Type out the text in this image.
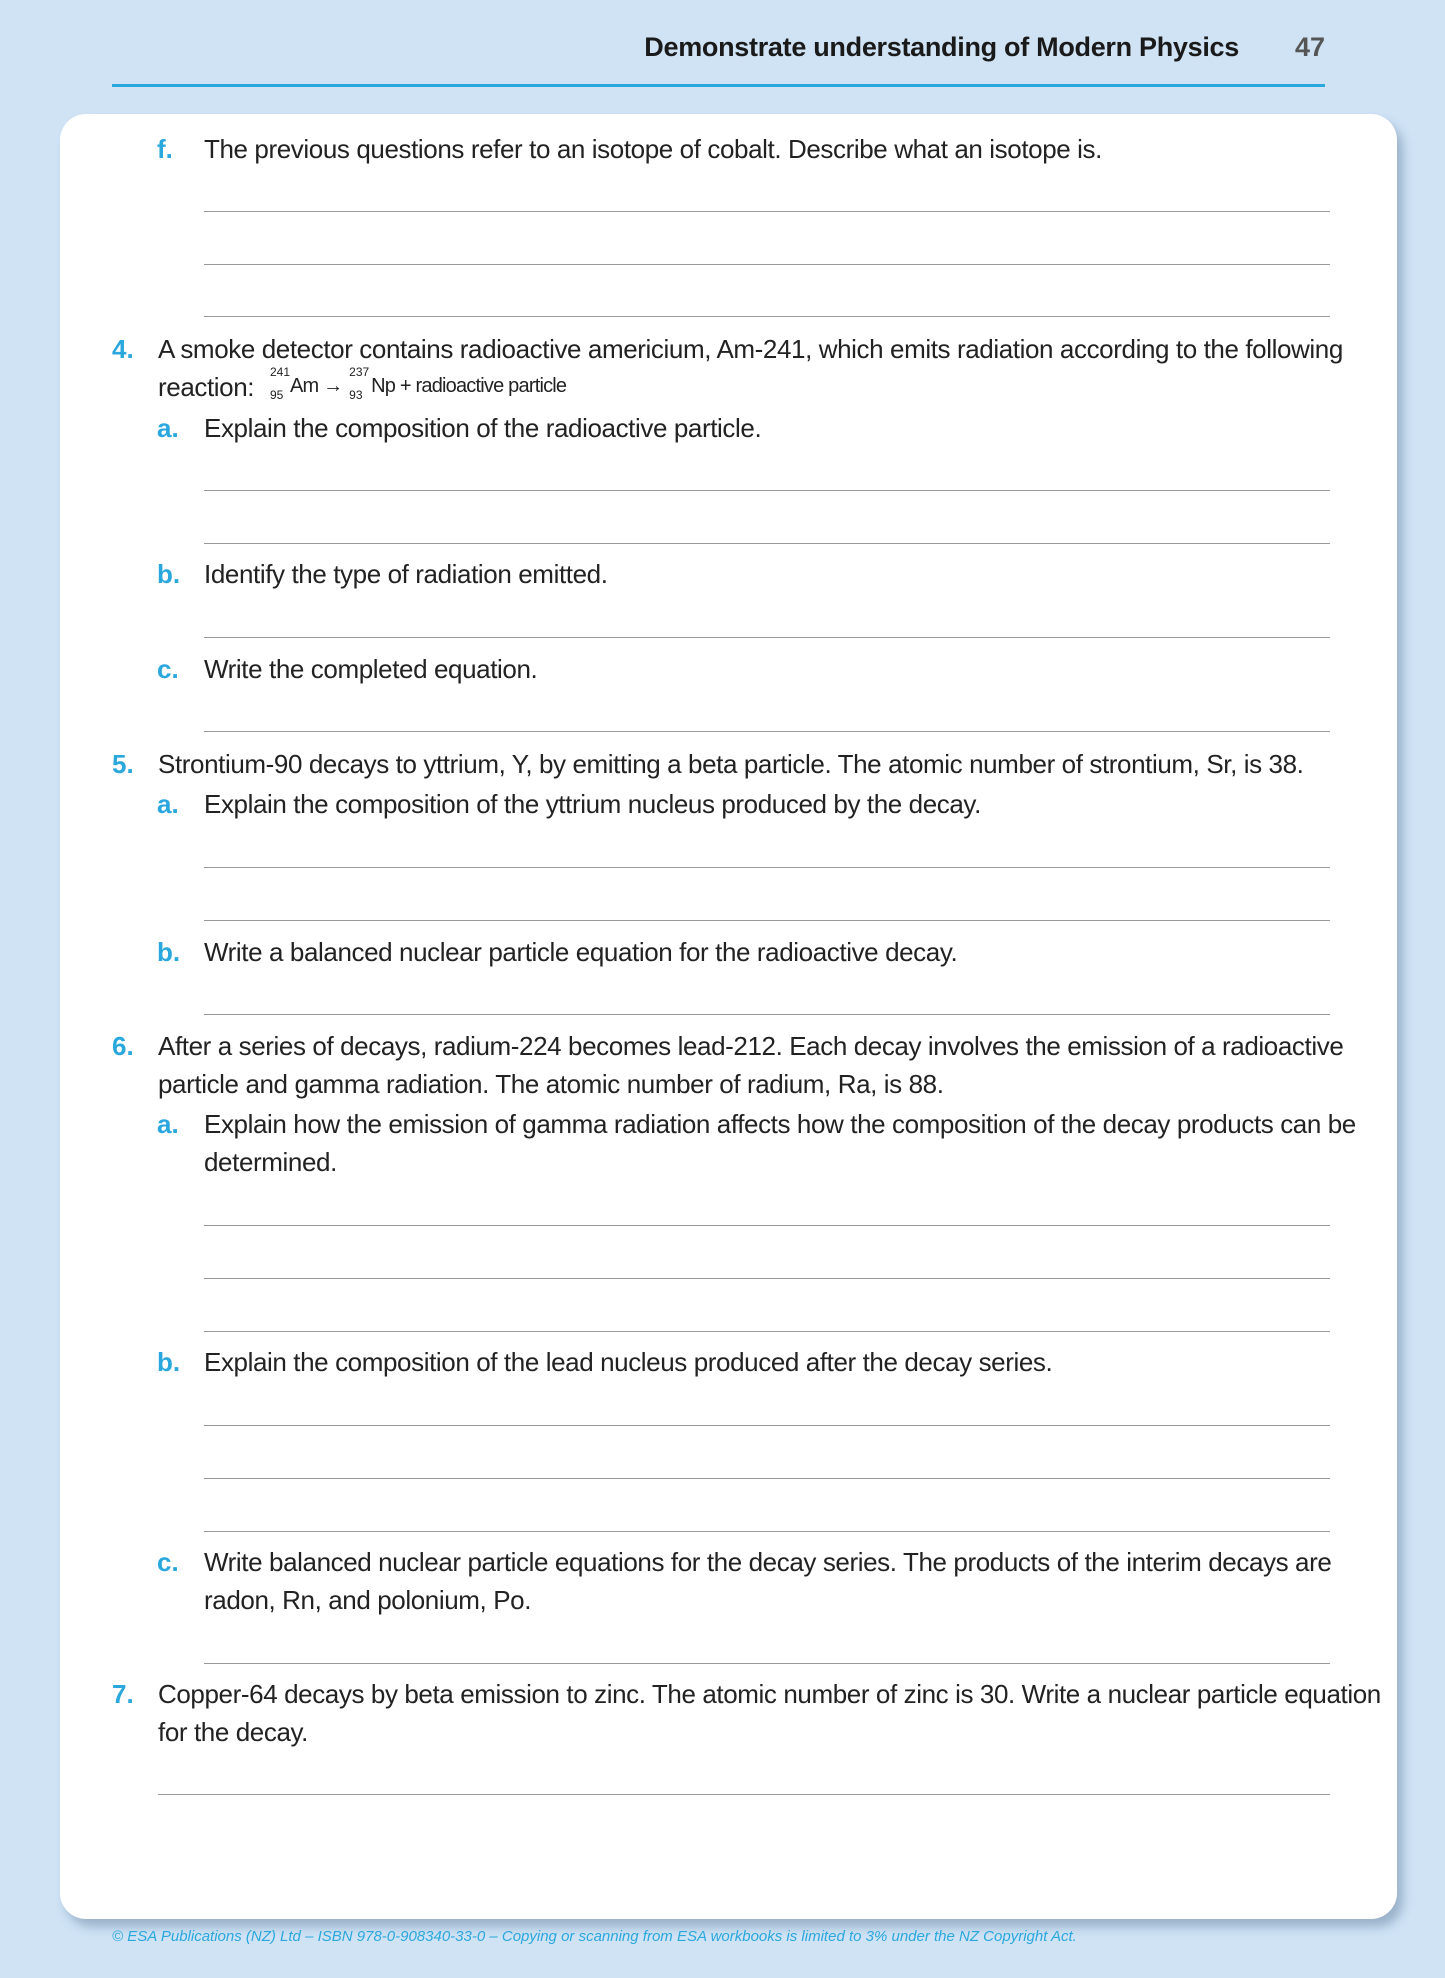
Demonstrate understanding of Modern Physics 47
f. The previous questions refer to an isotope of cobalt. Describe what an isotope is.
4. A smoke detector contains radioactive americium, Am-241, which emits radiation according to the following
reaction: 241
95 Am →
237
93 Np + radioactive particle
a. Explain the composition of the radioactive particle.
b. Identify the type of radiation emitted.
c. Write the completed equation.
5. Strontium-90 decays to yttrium, Y, by emitting a beta particle. The atomic number of strontium, Sr, is 38.
a. Explain the composition of the yttrium nucleus produced by the decay.
b. Write a balanced nuclear particle equation for the radioactive decay.
6. After a series of decays, radium-224 becomes lead-212. Each decay involves the emission of a radioactive
particle and gamma radiation. The atomic number of radium, Ra, is 88.
a. Explain how the emission of gamma radiation affects how the composition of the decay products can be
determined.
b. Explain the composition of the lead nucleus produced after the decay series.
c. Write balanced nuclear particle equations for the decay series. The products of the interim decays are
radon, Rn, and polonium, Po.
7. Copper-64 decays by beta emission to zinc. The atomic number of zinc is 30. Write a nuclear particle equation
for the decay.
© ESA Publications (NZ) Ltd – ISBN 978-0-908340-33-0 – Copying or scanning from ESA workbooks is limited to 3% under the NZ Copyright Act.
